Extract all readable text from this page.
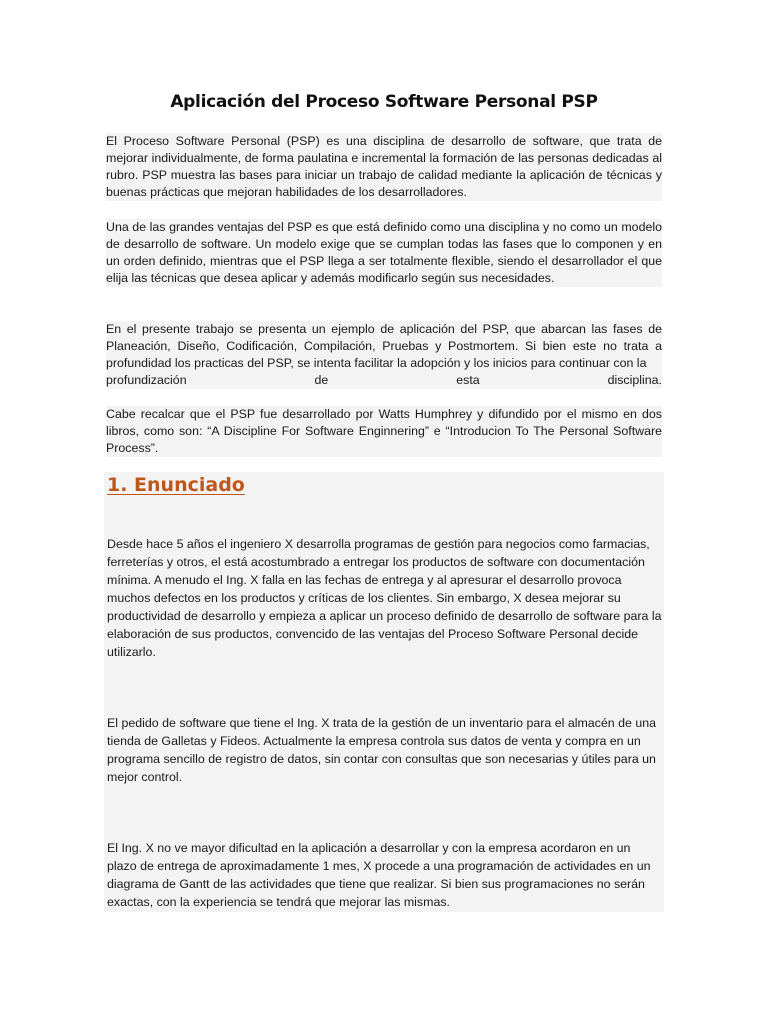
Aplicación del Proceso Software Personal PSP

El Proceso Software Personal (PSP) es una disciplina de desarrollo de software, que trata de mejorar individualmente, de forma paulatina e incremental la formación de las personas dedicadas al rubro. PSP muestra las bases para iniciar un trabajo de calidad mediante la aplicación de técnicas y buenas prácticas que mejoran habilidades de los desarrolladores.

Una de las grandes ventajas del PSP es que está definido como una disciplina y no como un modelo de desarrollo de software. Un modelo exige que se cumplan todas las fases que lo componen y en un orden definido, mientras que el PSP llega a ser totalmente flexible, siendo el desarrollador el que elija las técnicas que desea aplicar y además modificarlo según sus necesidades.

En el presente trabajo se presenta un ejemplo de aplicación del PSP, que abarcan las fases de Planeación, Diseño, Codificación, Compilación, Pruebas y Postmortem. Si bien este no trata a profundidad los practicas del PSP, se intenta facilitar la adopción y los inicios para continuar con la
profundización de esta disciplina.

Cabe recalcar que el PSP fue desarrollado por Watts Humphrey y difundido por el mismo en dos libros, como son: “A Discipline For Software Enginnering” e “Introducion To The Personal Software Process”.

1. Enunciado

Desde hace 5 años el ingeniero X desarrolla programas de gestión para negocios como farmacias, ferreterías y otros, el está acostumbrado a entregar los productos de software con documentación mínima. A menudo el Ing. X falla en las fechas de entrega y al apresurar el desarrollo provoca muchos defectos en los productos y críticas de los clientes. Sin embargo, X desea mejorar su productividad de desarrollo y empieza a aplicar un proceso definido de desarrollo de software para la elaboración de sus productos, convencido de las ventajas del Proceso Software Personal decide utilizarlo.

El pedido de software que tiene el Ing. X trata de la gestión de un inventario para el almacén de una tienda de Galletas y Fideos. Actualmente la empresa controla sus datos de venta y compra en un programa sencillo de registro de datos, sin contar con consultas que son necesarias y útiles para un mejor control.

El Ing. X no ve mayor dificultad en la aplicación a desarrollar y con la empresa acordaron en un plazo de entrega de aproximadamente 1 mes, X procede a una programación de actividades en un diagrama de Gantt de las actividades que tiene que realizar. Si bien sus programaciones no serán exactas, con la experiencia se tendrá que mejorar las mismas.
